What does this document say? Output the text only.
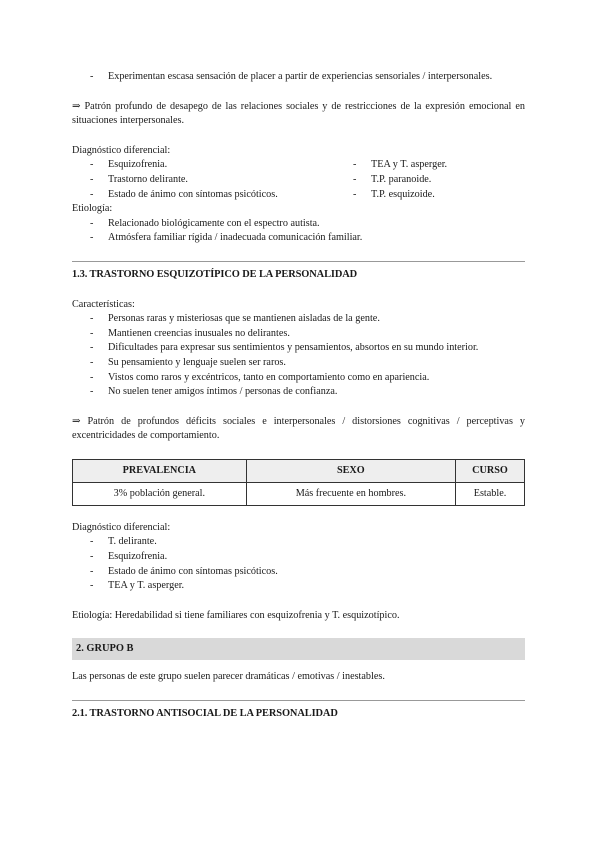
- Experimentan escasa sensación de placer a partir de experiencias sensoriales / interpersonales.

⇒ Patrón profundo de desapego de las relaciones sociales y de restricciones de la expresión emocional en situaciones interpersonales.

Diagnóstico diferencial:

- Esquizofrenia.
- Trastorno delirante.
- Estado de ánimo con síntomas psicóticos.
- TEA y T. asperger.
- T.P. paranoide.
- T.P. esquizoide.

Etiología:

- Relacionado biológicamente con el espectro autista.
- Atmósfera familiar rígida / inadecuada comunicación familiar.

1.3. TRASTORNO ESQUIZOTÍPICO DE LA PERSONALIDAD

Características:

- Personas raras y misteriosas que se mantienen aisladas de la gente.
- Mantienen creencias inusuales no delirantes.
- Dificultades para expresar sus sentimientos y pensamientos, absortos en su mundo interior.
- Su pensamiento y lenguaje suelen ser raros.
- Vistos como raros y excéntricos, tanto en comportamiento como en apariencia.
- No suelen tener amigos íntimos / personas de confianza.

⇒ Patrón de profundos déficits sociales e interpersonales / distorsiones cognitivas / perceptivas y excentricidades de comportamiento.

PREVALENCIA	SEXO	CURSO
3% población general.	Más frecuente en hombres.	Estable.

Diagnóstico diferencial:

- T. delirante.
- Esquizofrenia.
- Estado de ánimo con síntomas psicóticos.
- TEA y T. asperger.

Etiología: Heredabilidad si tiene familiares con esquizofrenia y T. esquizotípico.

2. GRUPO B

Las personas de este grupo suelen parecer dramáticas / emotivas / inestables.

2.1. TRASTORNO ANTISOCIAL DE LA PERSONALIDAD
